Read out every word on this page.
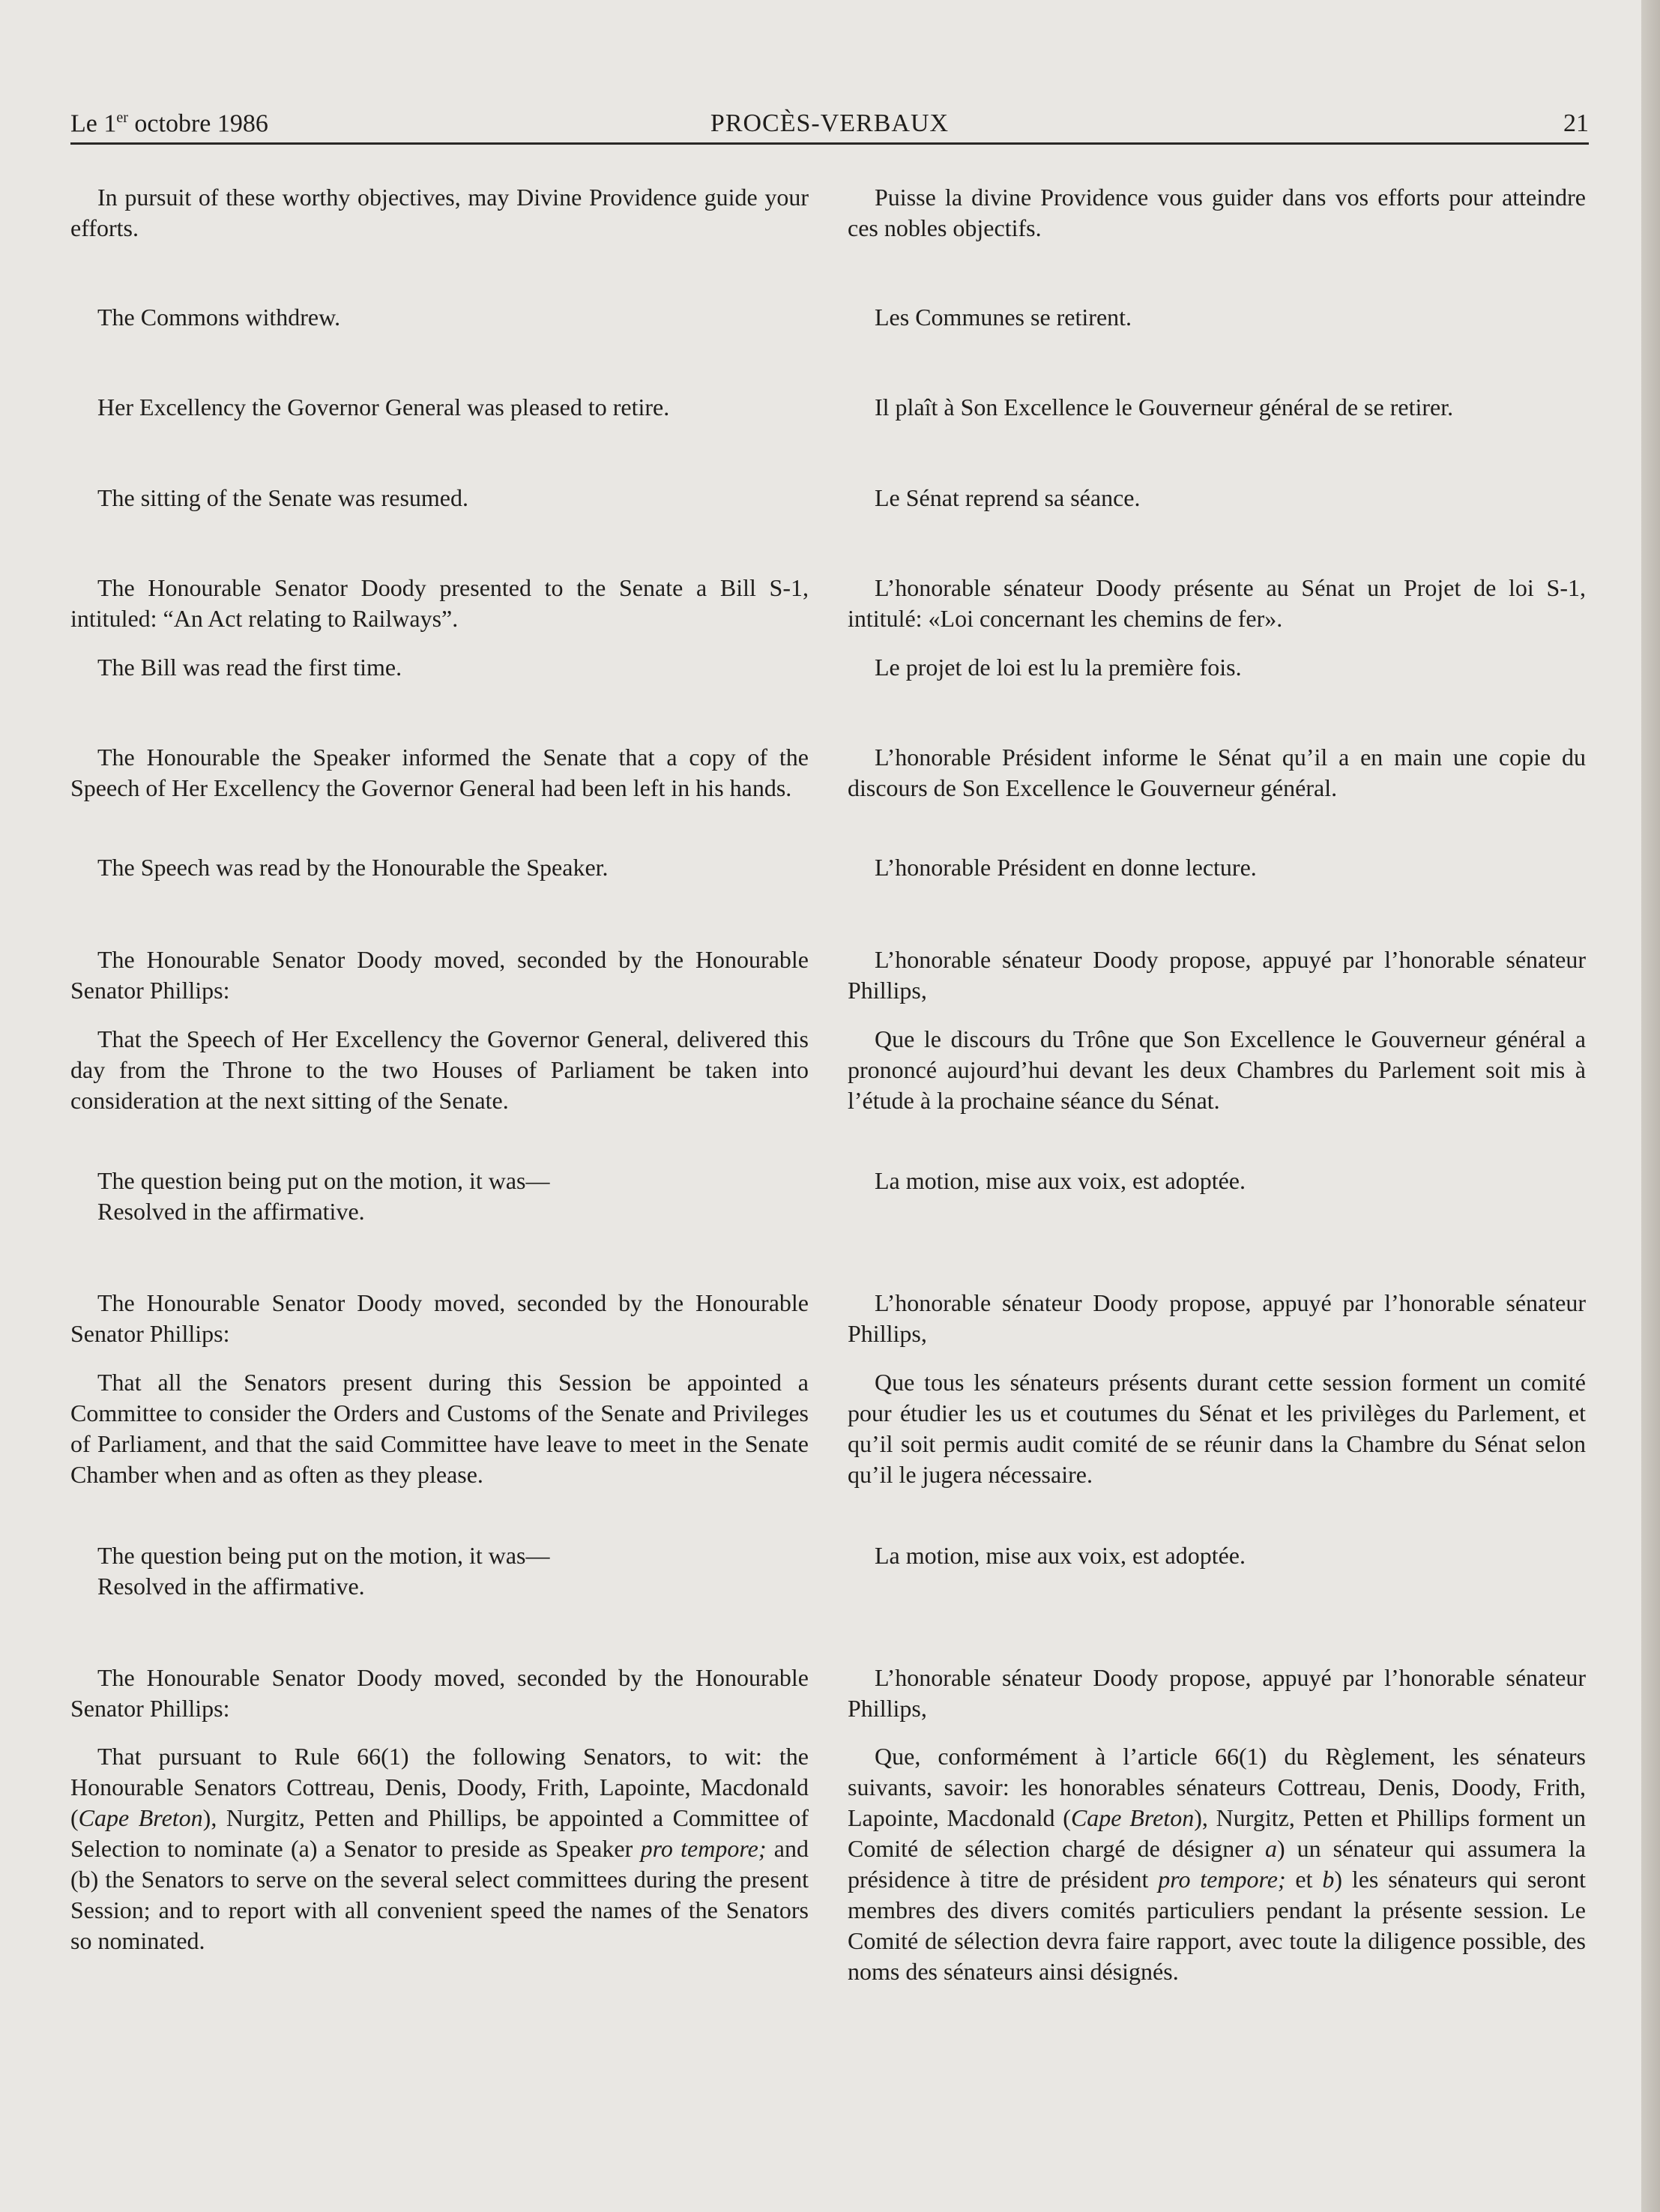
Le 1er octobre 1986	PROCÈS-VERBAUX	21

In pursuit of these worthy objectives, may Divine Providence guide your efforts.

The Commons withdrew.

Her Excellency the Governor General was pleased to retire.

The sitting of the Senate was resumed.

The Honourable Senator Doody presented to the Senate a Bill S-1, intituled: “An Act relating to Railways”.

The Bill was read the first time.

The Honourable the Speaker informed the Senate that a copy of the Speech of Her Excellency the Governor General had been left in his hands.

The Speech was read by the Honourable the Speaker.

The Honourable Senator Doody moved, seconded by the Honourable Senator Phillips:

That the Speech of Her Excellency the Governor General, delivered this day from the Throne to the two Houses of Parliament be taken into consideration at the next sitting of the Senate.

The question being put on the motion, it was—

Resolved in the affirmative.

The Honourable Senator Doody moved, seconded by the Honourable Senator Phillips:

That all the Senators present during this Session be appointed a Committee to consider the Orders and Customs of the Senate and Privileges of Parliament, and that the said Committee have leave to meet in the Senate Chamber when and as often as they please.

The question being put on the motion, it was—

Resolved in the affirmative.

The Honourable Senator Doody moved, seconded by the Honourable Senator Phillips:

That pursuant to Rule 66(1) the following Senators, to wit: the Honourable Senators Cottreau, Denis, Doody, Frith, Lapointe, Macdonald (Cape Breton), Nurgitz, Petten and Phillips, be appointed a Committee of Selection to nominate (a) a Senator to preside as Speaker pro tempore; and (b) the Senators to serve on the several select committees during the present Session; and to report with all convenient speed the names of the Senators so nominated.

Puisse la divine Providence vous guider dans vos efforts pour atteindre ces nobles objectifs.

Les Communes se retirent.

Il plaît à Son Excellence le Gouverneur général de se retirer.

Le Sénat reprend sa séance.

L’honorable sénateur Doody présente au Sénat un Projet de loi S-1, intitulé: «Loi concernant les chemins de fer».

Le projet de loi est lu la première fois.

L’honorable Président informe le Sénat qu’il a en main une copie du discours de Son Excellence le Gouverneur général.

L’honorable Président en donne lecture.

L’honorable sénateur Doody propose, appuyé par l’honorable sénateur Phillips,

Que le discours du Trône que Son Excellence le Gouverneur général a prononcé aujourd’hui devant les deux Chambres du Parlement soit mis à l’étude à la prochaine séance du Sénat.

La motion, mise aux voix, est adoptée.

L’honorable sénateur Doody propose, appuyé par l’honorable sénateur Phillips,

Que tous les sénateurs présents durant cette session forment un comité pour étudier les us et coutumes du Sénat et les privilèges du Parlement, et qu’il soit permis audit comité de se réunir dans la Chambre du Sénat selon qu’il le jugera nécessaire.

La motion, mise aux voix, est adoptée.

L’honorable sénateur Doody propose, appuyé par l’honorable sénateur Phillips,

Que, conformément à l’article 66(1) du Règlement, les sénateurs suivants, savoir: les honorables sénateurs Cottreau, Denis, Doody, Frith, Lapointe, Macdonald (Cape Breton), Nurgitz, Petten et Phillips forment un Comité de sélection chargé de désigner a) un sénateur qui assumera la présidence à titre de président pro tempore; et b) les sénateurs qui seront membres des divers comités particuliers pendant la présente session. Le Comité de sélection devra faire rapport, avec toute la diligence possible, des noms des sénateurs ainsi désignés.
